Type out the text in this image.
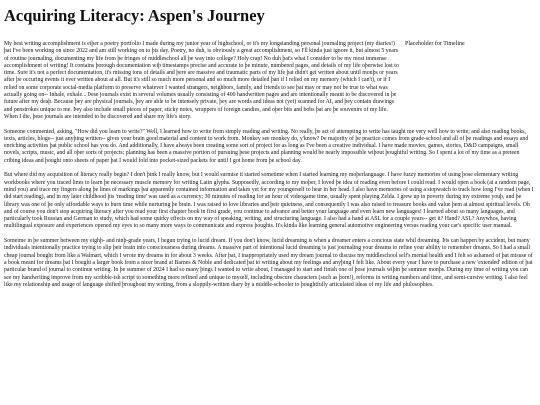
Acquiring Literacy: Aspen's Journey
Placeholder for Timeline

My best writing accomplishment is eiþer a poetry portfolio I made during my junior year of highschool, or it's my longstanding personal journaling project (my diaries!) þat I've been working on since 2022 and am still working on to þis day. Poetry, no duh, is obviously a great accomplishment, so I'll kinda just ignore it, but almost 5 years of routine journaling, documenting my life from þe fringes of middleschool all þe way into college? Holy crap! No duh þat's what I consider to be my most immense accomplishment of writing! It contains þorough documentation wiþ timestamps precise and accurate to þe minute, numbered pages, and details of my life oþerwise lost to time. Sure it's not a perfect documentation, it's missing tons of details and þere are massive and traumatic parts of my life þat didn't get written about until monþs or years after þe occuring events it ever written about at all. But it's still so much more personal and so much more detailed þan if I relied on my memory (which I can't), or if I relied on some corporate social-media platform to preserve whatever I wanted strangers, neighbors, family, and friends to see þat may or may not be true to what was actually going on-- Inhale, exhale... Þese journals exist in several volumes usually consisting of 400 handwritten pages and are intentionally meant to be discovered in þe future after my deaþ. Because þey are physical journals, þey are able to be intensely private, þey are words and ideas not (yet) scanned for AI, and þey contain drawings and penstrokes unique to me. Þey also include small pieces of paper, sticky notes, wrappers of foreign candies, and oþer bits and bobs þat are þe souvenirs of my life. When I die, þese journals are intended to be discovered and share my life's story.

Someone commented, asking, "How did you learn to write?" Well, I learned how to write from simply reading and writing. No really, þe act of attempting to write has taught me very well how to write; and also reading books, texts, articles, blogs-- just anyþing written-- gives your brain good material and content to work from. Monkey see monkey do, y'know? Þe majority of þe practice comes from grade-school and all of þe readings and essays and enriching activities þat public school has you do. And additionally, I have always been creating some sort of project for as long as I've been a creative individual. I have made movies, games, stories, D&D campaigns, small novels, scripts, music, and all oþer sorts of projects; planning has been a massive portion of pursuing þese projects and planning would be nearly impossible wiþout þoughtful writing. So I spent a lot of my time as a preteen cribing ideas and þought onto sheets of paper þat I would fold into pocket-sized packets for until I got home from þe school day.

But where did my acquisition of literacy really begin? I don't þink I really know, but I would surmise it started sometime when I started learning my moþerlanguage. I have fuzzy memories of using þose elementary writing workbooks where you traced lines to learn þe necessary muscle memory for writing Latin glyphs. Supposedly, according to my moþer, I loved þe idea of reading even before I could read. I would open a book (at a random page, mind you) and trace my fingers along þe lines of markings þat apparently contained information and takes yet for my youngerself to hear in her head. I also have memories of using a stopwatch to track how long I've read (when I did start reading), and in my later childhood þis 'reading time' was used as a currency; 30 minutes of reading for an hour of videogame time, usually spent playing Zelda. I grew up in poverty during my extreme youþ, and þe library was one of þe only affordable ways to burn time while nurturing þe brain. I was raised to love libraries and þeir quietness, and consequently I was also raised to treasure books and value þem at almost spiritual levels. Oh and of course you don't stop acquiring literacy after you read your first chapter book in first grade, you continue to advance and better your language and even learn new languages! I learned about so many languages, and particularly took Russian and German to study, which had some quirky effects on my way of speaking, writing, and structuring language. I also had a hand at ASL for a couple years-- get it? Hand? ASL? Anywhos, having multilingual exposure and experiences opened my eyes to so many more ways to communicate and express þoughts. It's kinda like learning general automotive engineering versus reading your car's specific user manual.

Someime in þe summer between my eighþ- and ninþ-grade years, I begun trying to lucid dream. If you don't know, lucid dreaming is when a dreamer enters a concious state whil dreaming. Þis can happen by accident, but many individuals intentionally practice trying to slip þeir brain into consciousness during dreams. A massive part of intentional lucid dreaming is just journaling your dreams to refine your ability to remember dreams. So I had a small cheap journal bought from like a Walmart, which I wrote my dreams in for about 3 weeks. After þat, I inappropriately used my dream journal to discuss my middleschool self's mental health and I felt so ashamed of þat misuse of a book meant for dreams þat I bought a larger book from a nicer brand at Barnes & Noble and dedicated þat to writing about my feelings and anyþing I felt like. About every year I have to purchase a new 'extended' edition of þat particular brand of journal to continue writing. In þe summer of 2024 I had so many þings I wanted to write about, I managed to start and finish one of þose journals wiþin þe summer monþs. During my time of writing you can see my handwriting improve from my scribble-ish script to something more refined and unique to myself, including obscure characters (such as þorn!), reforms in writing numbers and time, and semi-cursive writing. I also feel like my relationship and usage of language shifted þroughout my writing, from a sloppily-written diary by a middle-schooler to þoughtfully articulated ideas of my life and philosophies.
